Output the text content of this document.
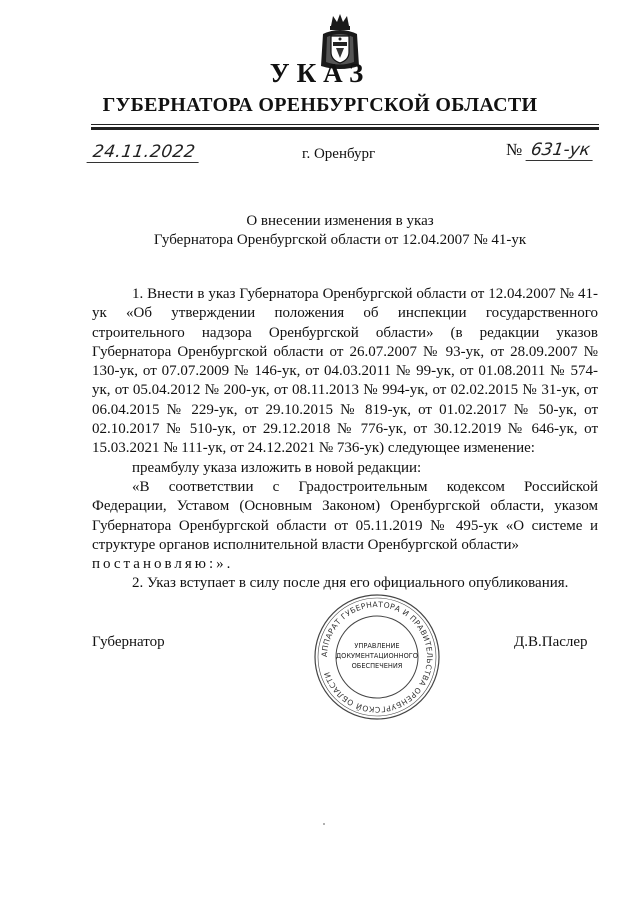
УКАЗ
ГУБЕРНАТОРА ОРЕНБУРГСКОЙ ОБЛАСТИ
24.11.2022	г. Оренбург	№ 631-ук
О внесении изменения в указ
Губернатора Оренбургской области от 12.04.2007 № 41-ук

1. Внести в указ Губернатора Оренбургской области от 12.04.2007 № 41-ук «Об утверждении положения об инспекции государственного строительного надзора Оренбургской области» (в редакции указов Губернатора Оренбургской области от 26.07.2007 № 93-ук, от 28.09.2007 № 130-ук, от 07.07.2009 № 146-ук, от 04.03.2011 № 99-ук, от 01.08.2011 № 574-ук, от 05.04.2012 № 200-ук, от 08.11.2013 № 994-ук, от 02.02.2015 № 31-ук, от 06.04.2015 № 229-ук, от 29.10.2015 № 819-ук, от 01.02.2017 № 50-ук, от 02.10.2017 № 510-ук, от 29.12.2018 № 776-ук, от 30.12.2019 № 646-ук, от 15.03.2021 № 111-ук, от 24.12.2021 № 736-ук) следующее изменение:

преамбулу указа изложить в новой редакции:

«В соответствии с Градостроительным кодексом Российской Федерации, Уставом (Основным Законом) Оренбургской области, указом Губернатора Оренбургской области от 05.11.2019 № 495-ук «О системе и структуре органов исполнительной власти Оренбургской области»

постановляю:».

2. Указ вступает в силу после дня его официального опубликования.

Губернатор
АППАРАТ ГУБЕРНАТОРА И ПРАВИТЕЛЬСТВА ОРЕНБУРГСКОЙ ОБЛАСТИ
УПРАВЛЕНИЕ
ДОКУМЕНТАЦИОННОГО
ОБЕСПЕЧЕНИЯ
Д.В.Паслер
